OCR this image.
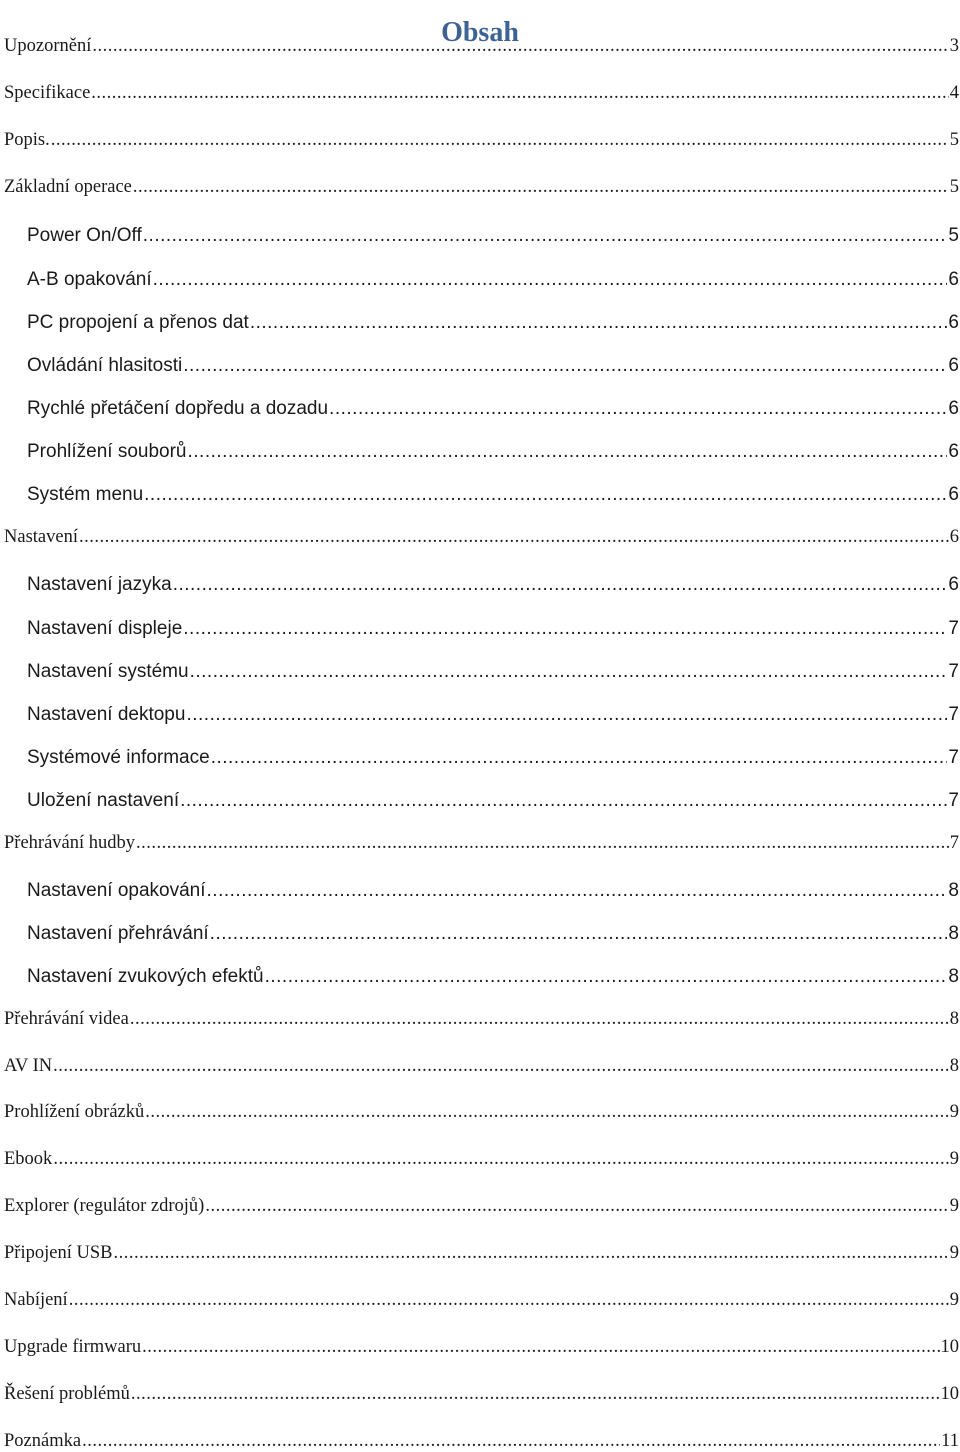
Obsah
Upozornění .....	3
Specifikace .....	4
Popis. .....	5
Základní operace .....	5
Power On/Off .....	5
A-B opakování .....	6
PC propojení a přenos dat .....	6
Ovládání hlasitosti .....	6
Rychlé přetáčení dopředu a dozadu .....	6
Prohlížení souborů .....	6
Systém menu .....	6
Nastavení .....	6
Nastavení jazyka .....	6
Nastavení displeje .....	7
Nastavení systému .....	7
Nastavení dektopu .....	7
Systémové informace .....	7
Uložení nastavení .....	7
Přehrávání hudby .....	7
Nastavení opakování .....	8
Nastavení přehrávání .....	8
Nastavení zvukových efektů .....	8
Přehrávání videa .....	8
AV IN .....	8
Prohlížení obrázků .....	9
Ebook .....	9
Explorer (regulátor zdrojů) .....	9
Připojení USB .....	9
Nabíjení .....	9
Upgrade firmwaru .....	10
Řešení problémů .....	10
Poznámka .....	11
